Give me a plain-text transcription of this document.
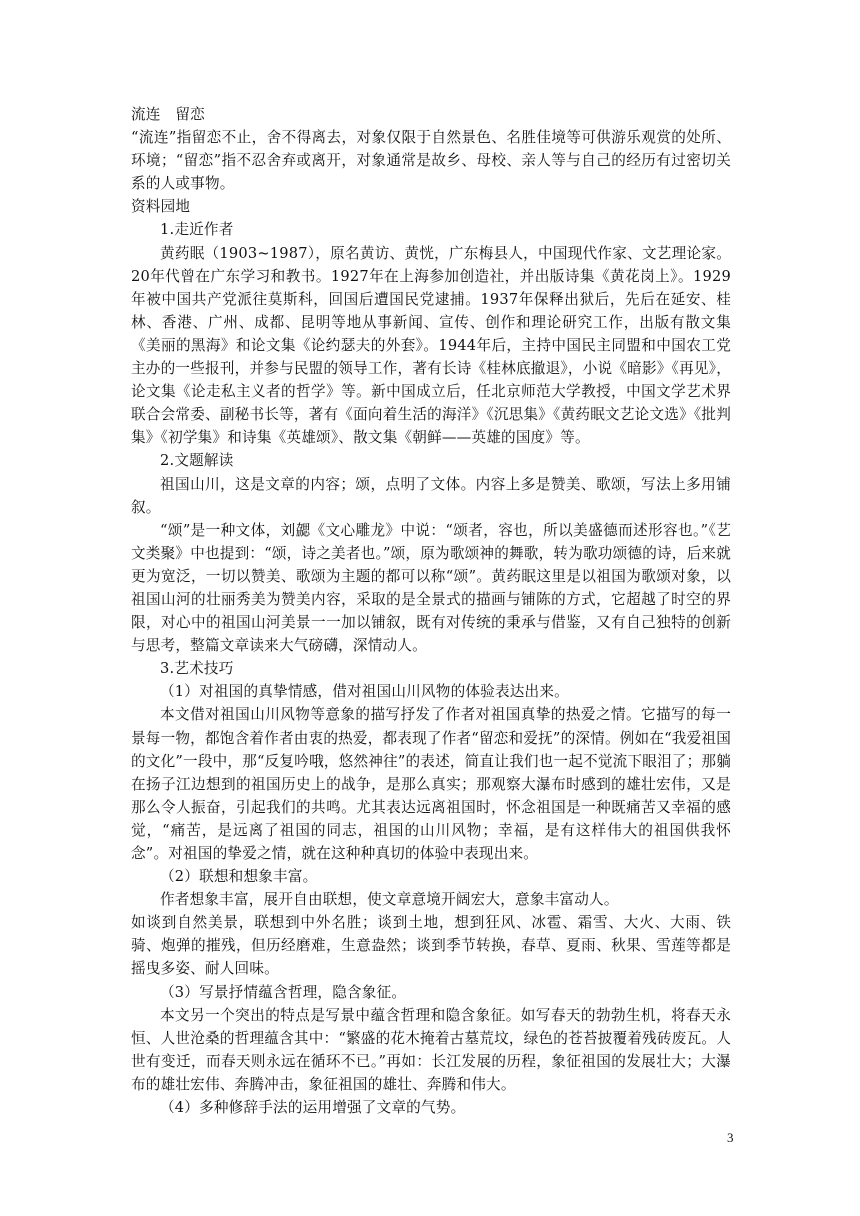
流连　留恋

“流连”指留恋不止，舍不得离去，对象仅限于自然景色、名胜佳境等可供游乐观赏的处所、环境；“留恋”指不忍舍弃或离开，对象通常是故乡、母校、亲人等与自己的经历有过密切关系的人或事物。

资料园地

1.走近作者

黄药眠（1903~1987），原名黄访、黄恍，广东梅县人，中国现代作家、文艺理论家。20年代曾在广东学习和教书。1927年在上海参加创造社，并出版诗集《黄花岗上》。1929年被中国共产党派往莫斯科，回国后遭国民党逮捕。1937年保释出狱后，先后在延安、桂林、香港、广州、成都、昆明等地从事新闻、宣传、创作和理论研究工作，出版有散文集《美丽的黑海》和论文集《论约瑟夫的外套》。1944年后，主持中国民主同盟和中国农工党主办的一些报刊，并参与民盟的领导工作，著有长诗《桂林底撤退》，小说《暗影》《再见》，论文集《论走私主义者的哲学》等。新中国成立后，任北京师范大学教授，中国文学艺术界联合会常委、副秘书长等，著有《面向着生活的海洋》《沉思集》《黄药眠文艺论文选》《批判集》《初学集》和诗集《英雄颂》、散文集《朝鲜——英雄的国度》等。

2.文题解读

祖国山川，这是文章的内容；颂，点明了文体。内容上多是赞美、歌颂，写法上多用铺叙。

“颂”是一种文体，刘勰《文心雕龙》中说：“颂者，容也，所以美盛德而述形容也。”《艺文类聚》中也提到：“颂，诗之美者也。”颂，原为歌颂神的舞歌，转为歌功颂德的诗，后来就更为宽泛，一切以赞美、歌颂为主题的都可以称“颂”。黄药眠这里是以祖国为歌颂对象，以祖国山河的壮丽秀美为赞美内容，采取的是全景式的描画与铺陈的方式，它超越了时空的界限，对心中的祖国山河美景一一加以铺叙，既有对传统的秉承与借鉴，又有自己独特的创新与思考，整篇文章读来大气磅礴，深情动人。

3.艺术技巧

（1）对祖国的真挚情感，借对祖国山川风物的体验表达出来。

本文借对祖国山川风物等意象的描写抒发了作者对祖国真挚的热爱之情。它描写的每一景每一物，都饱含着作者由衷的热爱，都表现了作者“留恋和爱抚”的深情。例如在“我爱祖国的文化”一段中，那“反复吟哦，悠然神往”的表述，简直让我们也一起不觉流下眼泪了；那躺在扬子江边想到的祖国历史上的战争，是那么真实；那观察大瀑布时感到的雄壮宏伟，又是那么令人振奋，引起我们的共鸣。尤其表达远离祖国时，怀念祖国是一种既痛苦又幸福的感觉，“痛苦，是远离了祖国的同志，祖国的山川风物；幸福，是有这样伟大的祖国供我怀念”。对祖国的挚爱之情，就在这种种真切的体验中表现出来。

（2）联想和想象丰富。

作者想象丰富，展开自由联想，使文章意境开阔宏大，意象丰富动人。

如谈到自然美景，联想到中外名胜；谈到土地，想到狂风、冰雹、霜雪、大火、大雨、铁骑、炮弹的摧残，但历经磨难，生意盎然；谈到季节转换，春草、夏雨、秋果、雪莲等都是摇曳多姿、耐人回味。

（3）写景抒情蕴含哲理，隐含象征。

本文另一个突出的特点是写景中蕴含哲理和隐含象征。如写春天的勃勃生机，将春天永恒、人世沧桑的哲理蕴含其中：“繁盛的花木掩着古墓荒坟，绿色的苍苔披覆着残砖废瓦。人世有变迁，而春天则永远在循环不已。”再如：长江发展的历程，象征祖国的发展壮大；大瀑布的雄壮宏伟、奔腾冲击，象征祖国的雄壮、奔腾和伟大。

（4）多种修辞手法的运用增强了文章的气势。

3
